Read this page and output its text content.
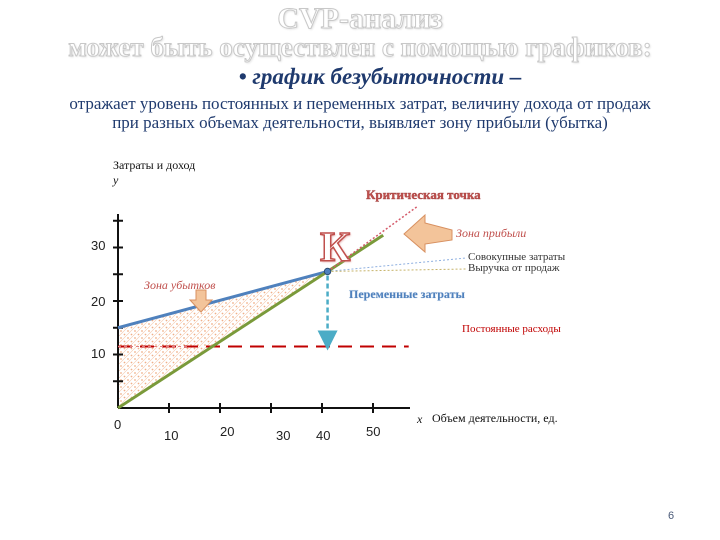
CVP-анализ
может быть осуществлен с помощью графиков:
• график безубыточности –
отражает уровень постоянных и переменных затрат, величину дохода от продаж
при разных объемах деятельности, выявляет зону прибыли (убытка)
Затраты и доход
у
х Объем деятельности, ед.
0
10	20	30 40	50
10
20
30
Критическая точка
Зона прибыли
К	Совокупные затраты
Выручка от продаж
Зона убытков
Переменные затраты
Постоянные расходы
6
